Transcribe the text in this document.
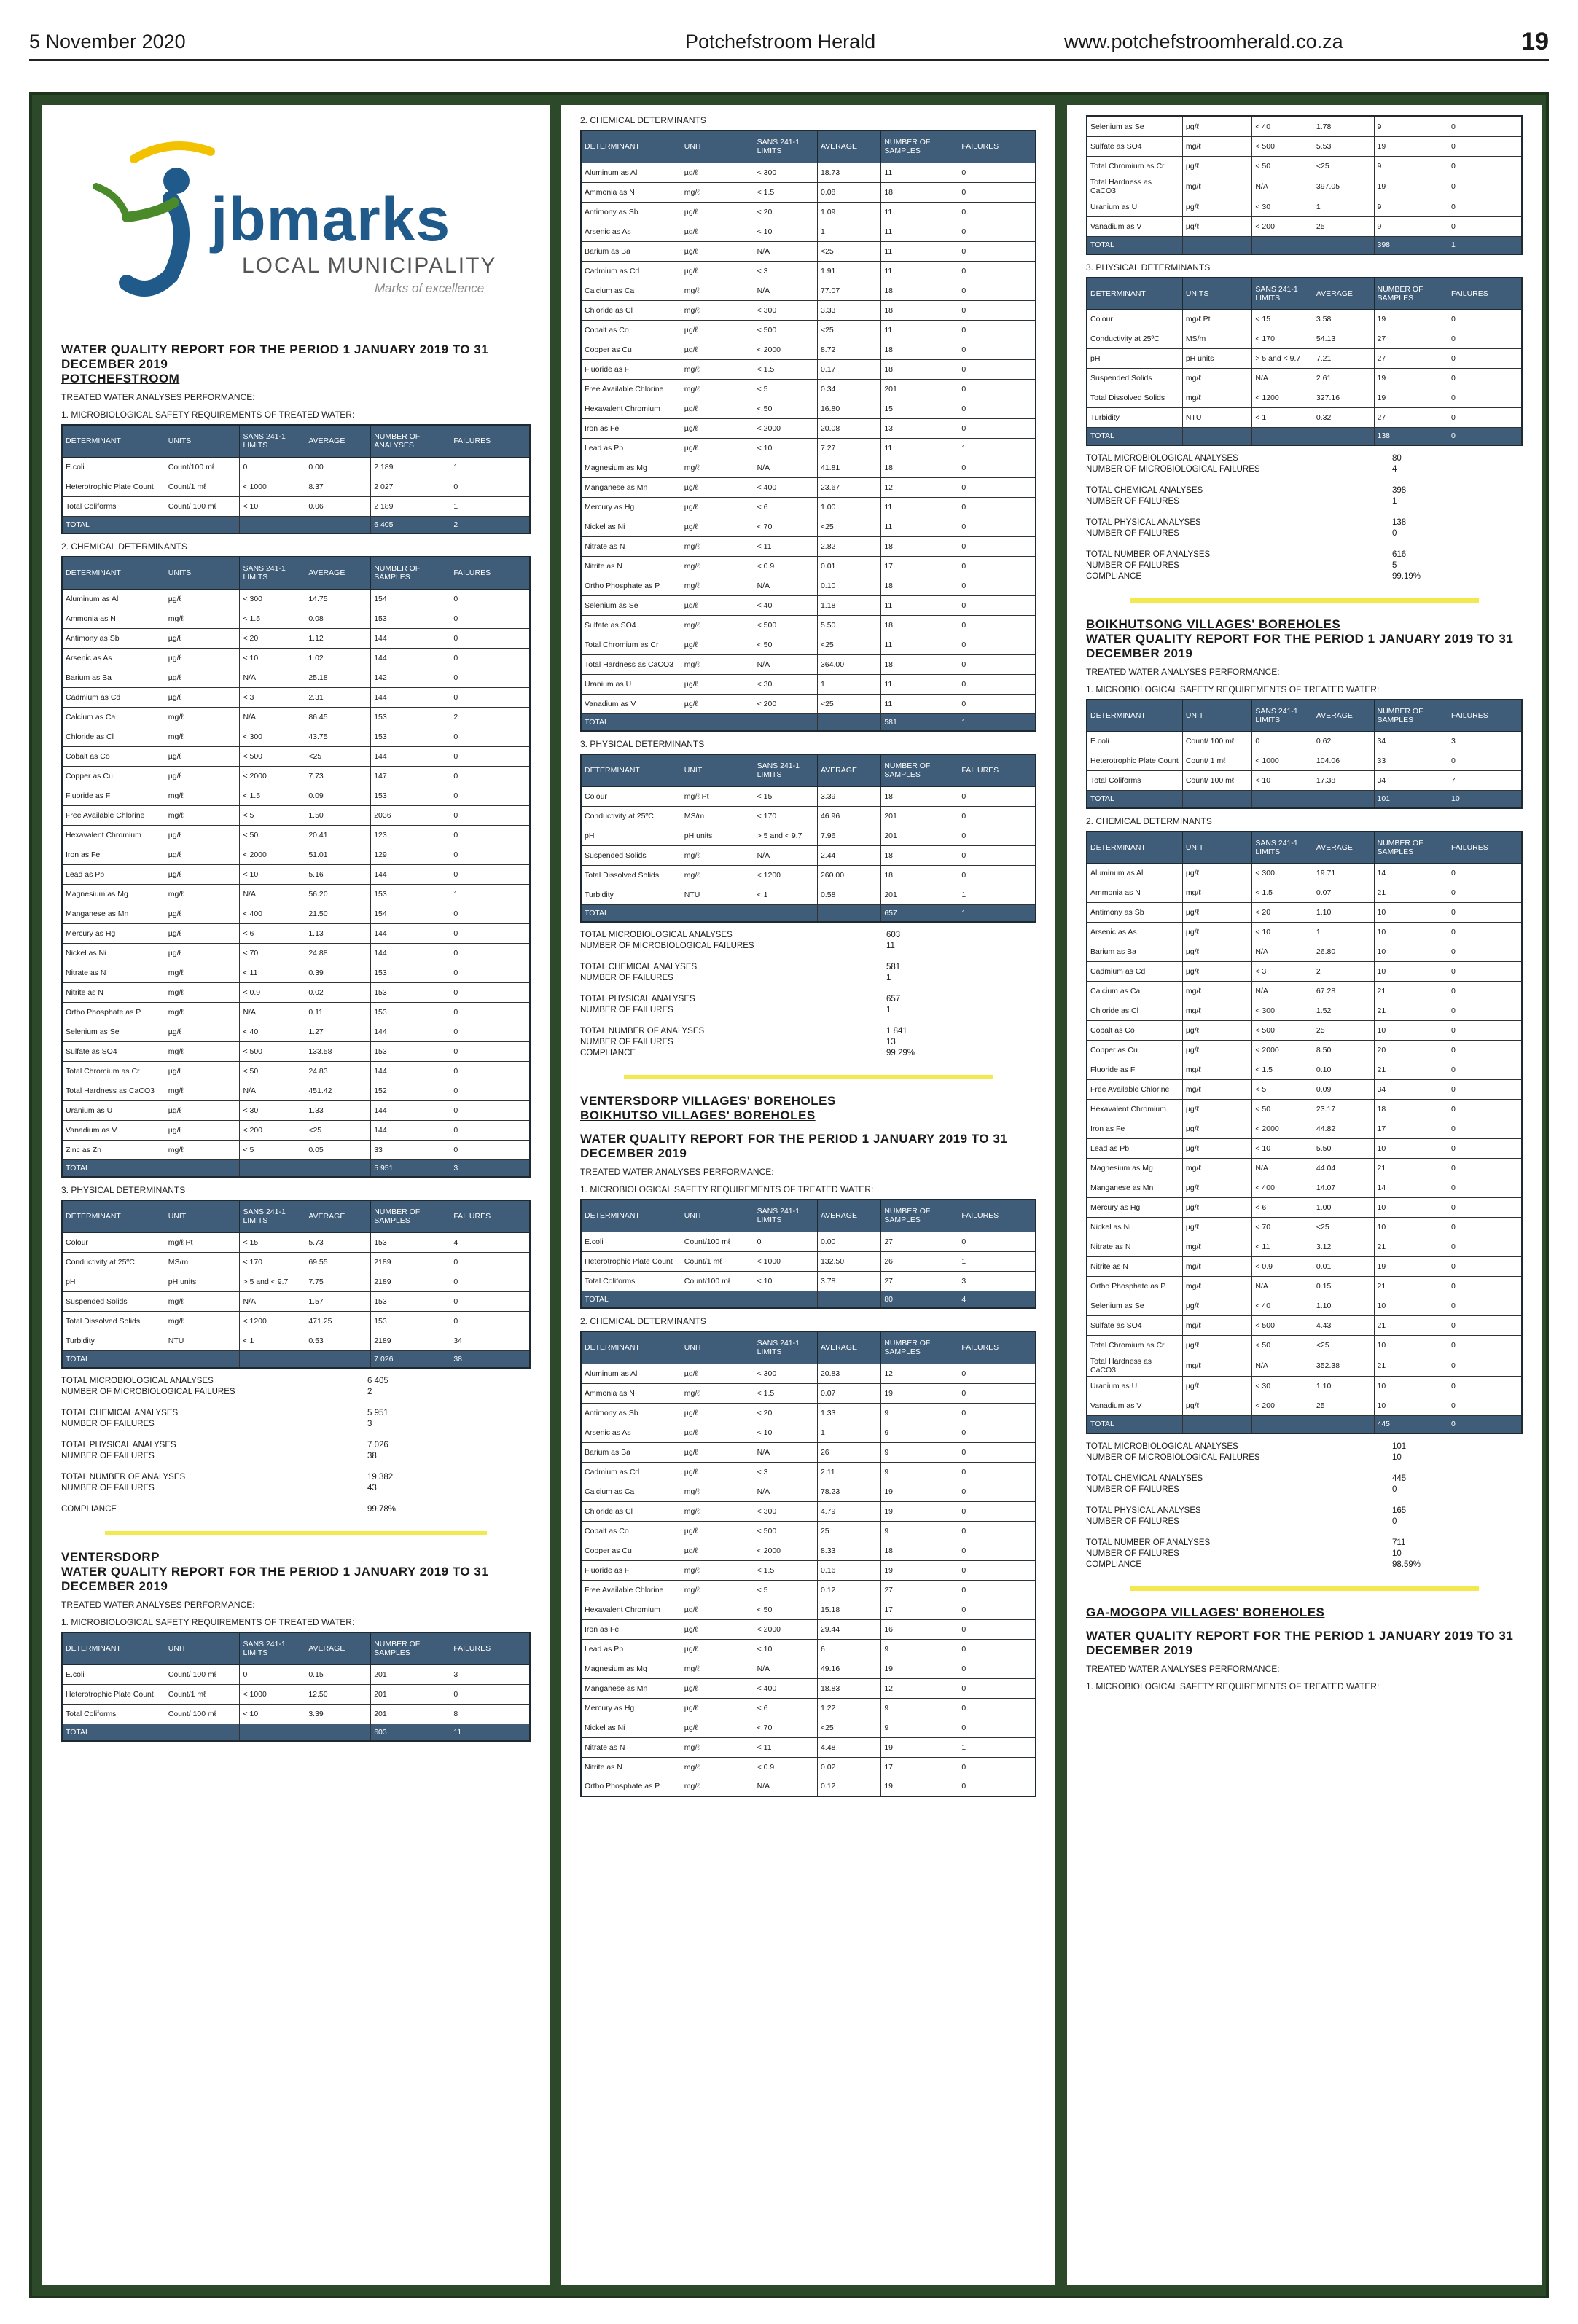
5 November 2020	Potchefstroom Herald	www.potchefstroomherald.co.za	19
jbmarks
LOCAL MUNICIPALITY
Marks of excellence
WATER QUALITY REPORT FOR THE PERIOD 1 JANUARY 2019 TO 31 DECEMBER 2019
POTCHEFSTROOM
TREATED WATER ANALYSES PERFORMANCE:
1. MICROBIOLOGICAL SAFETY REQUIREMENTS OF TREATED WATER:
DETERMINANT	UNITS	SANS 241-1 LIMITS	AVERAGE	NUMBER OF ANALYSES	FAILURES
E.coli	Count/100 mℓ	0	0.00	2 189	1
Heterotrophic Plate Count	Count/1 mℓ	< 1000	8.37	2 027	0
Total Coliforms	Count/ 100 mℓ	< 10	0.06	2 189	1
TOTAL				6 405	2
2. CHEMICAL DETERMINANTS
DETERMINANT	UNITS	SANS 241-1 LIMITS	AVERAGE	NUMBER OF SAMPLES	FAILURES
Aluminum as Al	µg/ℓ	< 300	14.75	154	0
Ammonia as N	mg/ℓ	< 1.5	0.08	153	0
Antimony as Sb	µg/ℓ	< 20	1.12	144	0
Arsenic as As	µg/ℓ	< 10	1.02	144	0
Barium as Ba	µg/ℓ	N/A	25.18	142	0
Cadmium as Cd	µg/ℓ	< 3	2.31	144	0
Calcium as Ca	mg/ℓ	N/A	86.45	153	2
Chloride as Cl	mg/ℓ	< 300	43.75	153	0
Cobalt as Co	µg/ℓ	< 500	<25	144	0
Copper as Cu	µg/ℓ	< 2000	7.73	147	0
Fluoride as F	mg/ℓ	< 1.5	0.09	153	0
Free Available Chlorine	mg/ℓ	< 5	1.50	2036	0
Hexavalent Chromium	µg/ℓ	< 50	20.41	123	0
Iron as Fe	µg/ℓ	< 2000	51.01	129	0
Lead as Pb	µg/ℓ	< 10	5.16	144	0
Magnesium as Mg	mg/ℓ	N/A	56.20	153	1
Manganese as Mn	µg/ℓ	< 400	21.50	154	0
Mercury as Hg	µg/ℓ	< 6	1.13	144	0
Nickel as Ni	µg/ℓ	< 70	24.88	144	0
Nitrate as N	mg/ℓ	< 11	0.39	153	0
Nitrite as N	mg/ℓ	< 0.9	0.02	153	0
Ortho Phosphate as P	mg/ℓ	N/A	0.11	153	0
Selenium as Se	µg/ℓ	< 40	1.27	144	0
Sulfate as SO4	mg/ℓ	< 500	133.58	153	0
Total Chromium as Cr	µg/ℓ	< 50	24.83	144	0
Total Hardness as CaCO3	mg/ℓ	N/A	451.42	152	0
Uranium as U	µg/ℓ	< 30	1.33	144	0
Vanadium as V	µg/ℓ	< 200	<25	144	0
Zinc as Zn	mg/ℓ	< 5	0.05	33	0
TOTAL				5 951	3
3. PHYSICAL DETERMINANTS
DETERMINANT	UNIT	SANS 241-1 LIMITS	AVERAGE	NUMBER OF SAMPLES	FAILURES
Colour	mg/ℓ Pt	< 15	5.73	153	4
Conductivity at 25ºC	MS/m	< 170	69.55	2189	0
pH	pH units	> 5 and < 9.7	7.75	2189	0
Suspended Solids	mg/ℓ	N/A	1.57	153	0
Total Dissolved Solids	mg/ℓ	< 1200	471.25	153	0
Turbidity	NTU	< 1	0.53	2189	34
TOTAL				7 026	38
TOTAL MICROBIOLOGICAL ANALYSES	6 405
NUMBER OF MICROBIOLOGICAL FAILURES	2
TOTAL CHEMICAL ANALYSES	5 951
NUMBER OF FAILURES	3
TOTAL PHYSICAL ANALYSES	7 026
NUMBER OF FAILURES	38
TOTAL NUMBER OF ANALYSES	19 382
NUMBER OF FAILURES	43
COMPLIANCE	99.78%
VENTERSDORP
WATER QUALITY REPORT FOR THE PERIOD 1 JANUARY 2019 TO 31 DECEMBER 2019
TREATED WATER ANALYSES PERFORMANCE:
1. MICROBIOLOGICAL SAFETY REQUIREMENTS OF TREATED WATER:
DETERMINANT	UNIT	SANS 241-1 LIMITS	AVERAGE	NUMBER OF SAMPLES	FAILURES
E.coli	Count/ 100 mℓ	0	0.15	201	3
Heterotrophic Plate Count	Count/1 mℓ	< 1000	12.50	201	0
Total Coliforms	Count/ 100 mℓ	< 10	3.39	201	8
TOTAL				603	11
2. CHEMICAL DETERMINANTS
DETERMINANT	UNIT	SANS 241-1 LIMITS	AVERAGE	NUMBER OF SAMPLES	FAILURES
Aluminum as Al	µg/ℓ	< 300	18.73	11	0
Ammonia as N	mg/ℓ	< 1.5	0.08	18	0
Antimony as Sb	µg/ℓ	< 20	1.09	11	0
Arsenic as As	µg/ℓ	< 10	1	11	0
Barium as Ba	µg/ℓ	N/A	<25	11	0
Cadmium as Cd	µg/ℓ	< 3	1.91	11	0
Calcium as Ca	mg/ℓ	N/A	77.07	18	0
Chloride as Cl	mg/ℓ	< 300	3.33	18	0
Cobalt as Co	µg/ℓ	< 500	<25	11	0
Copper as Cu	µg/ℓ	< 2000	8.72	18	0
Fluoride as F	mg/ℓ	< 1.5	0.17	18	0
Free Available Chlorine	mg/ℓ	< 5	0.34	201	0
Hexavalent Chromium	µg/ℓ	< 50	16.80	15	0
Iron as Fe	µg/ℓ	< 2000	20.08	13	0
Lead as Pb	µg/ℓ	< 10	7.27	11	1
Magnesium as Mg	mg/ℓ	N/A	41.81	18	0
Manganese as Mn	µg/ℓ	< 400	23.67	12	0
Mercury as Hg	µg/ℓ	< 6	1.00	11	0
Nickel as Ni	µg/ℓ	< 70	<25	11	0
Nitrate as N	mg/ℓ	< 11	2.82	18	0
Nitrite as N	mg/ℓ	< 0.9	0.01	17	0
Ortho Phosphate as P	mg/ℓ	N/A	0.10	18	0
Selenium as Se	µg/ℓ	< 40	1.18	11	0
Sulfate as SO4	mg/ℓ	< 500	5.50	18	0
Total Chromium as Cr	µg/ℓ	< 50	<25	11	0
Total Hardness as CaCO3	mg/ℓ	N/A	364.00	18	0
Uranium as U	µg/ℓ	< 30	1	11	0
Vanadium as V	µg/ℓ	< 200	<25	11	0
TOTAL				581	1
3. PHYSICAL DETERMINANTS
DETERMINANT	UNIT	SANS 241-1 LIMITS	AVERAGE	NUMBER OF SAMPLES	FAILURES
Colour	mg/ℓ Pt	< 15	3.39	18	0
Conductivity at 25ºC	MS/m	< 170	46.96	201	0
pH	pH units	> 5 and < 9.7	7.96	201	0
Suspended Solids	mg/ℓ	N/A	2.44	18	0
Total Dissolved Solids	mg/ℓ	< 1200	260.00	18	0
Turbidity	NTU	< 1	0.58	201	1
TOTAL				657	1
TOTAL MICROBIOLOGICAL ANALYSES	603
NUMBER OF MICROBIOLOGICAL FAILURES	11
TOTAL CHEMICAL ANALYSES	581
NUMBER OF FAILURES	1
TOTAL PHYSICAL ANALYSES	657
NUMBER OF FAILURES	1
TOTAL NUMBER OF ANALYSES	1 841
NUMBER OF FAILURES	13
COMPLIANCE	99.29%
VENTERSDORP VILLAGES' BOREHOLES
BOIKHUTSO VILLAGES' BOREHOLES
WATER QUALITY REPORT FOR THE PERIOD 1 JANUARY 2019 TO 31 DECEMBER 2019
TREATED WATER ANALYSES PERFORMANCE:
1. MICROBIOLOGICAL SAFETY REQUIREMENTS OF TREATED WATER:
DETERMINANT	UNIT	SANS 241-1 LIMITS	AVERAGE	NUMBER OF SAMPLES	FAILURES
E.coli	Count/100 mℓ	0	0.00	27	0
Heterotrophic Plate Count	Count/1 mℓ	< 1000	132.50	26	1
Total Coliforms	Count/100 mℓ	< 10	3.78	27	3
TOTAL				80	4
2. CHEMICAL DETERMINANTS
DETERMINANT	UNIT	SANS 241-1 LIMITS	AVERAGE	NUMBER OF SAMPLES	FAILURES
Aluminum as Al	µg/ℓ	< 300	20.83	12	0
Ammonia as N	mg/ℓ	< 1.5	0.07	19	0
Antimony as Sb	µg/ℓ	< 20	1.33	9	0
Arsenic as As	µg/ℓ	< 10	1	9	0
Barium as Ba	µg/ℓ	N/A	26	9	0
Cadmium as Cd	µg/ℓ	< 3	2.11	9	0
Calcium as Ca	mg/ℓ	N/A	78.23	19	0
Chloride as Cl	mg/ℓ	< 300	4.79	19	0
Cobalt as Co	µg/ℓ	< 500	25	9	0
Copper as Cu	µg/ℓ	< 2000	8.33	18	0
Fluoride as F	mg/ℓ	< 1.5	0.16	19	0
Free Available Chlorine	mg/ℓ	< 5	0.12	27	0
Hexavalent Chromium	µg/ℓ	< 50	15.18	17	0
Iron as Fe	µg/ℓ	< 2000	29.44	16	0
Lead as Pb	µg/ℓ	< 10	6	9	0
Magnesium as Mg	mg/ℓ	N/A	49.16	19	0
Manganese as Mn	µg/ℓ	< 400	18.83	12	0
Mercury as Hg	µg/ℓ	< 6	1.22	9	0
Nickel as Ni	µg/ℓ	< 70	<25	9	0
Nitrate as N	mg/ℓ	< 11	4.48	19	1
Nitrite as N	mg/ℓ	< 0.9	0.02	17	0
Ortho Phosphate as P	mg/ℓ	N/A	0.12	19	0

Selenium as Se	µg/ℓ	< 40	1.78	9	0
Sulfate as SO4	mg/ℓ	< 500	5.53	19	0
Total Chromium as Cr	µg/ℓ	< 50	<25	9	0
Total Hardness as CaCO3	mg/ℓ	N/A	397.05	19	0
Uranium as U	µg/ℓ	< 30	1	9	0
Vanadium as V	µg/ℓ	< 200	25	9	0
TOTAL				398	1
3. PHYSICAL DETERMINANTS
DETERMINANT	UNITS	SANS 241-1 LIMITS	AVERAGE	NUMBER OF SAMPLES	FAILURES
Colour	mg/ℓ Pt	< 15	3.58	19	0
Conductivity at 25ºC	MS/m	< 170	54.13	27	0
pH	pH units	> 5 and < 9.7	7.21	27	0
Suspended Solids	mg/ℓ	N/A	2.61	19	0
Total Dissolved Solids	mg/ℓ	< 1200	327.16	19	0
Turbidity	NTU	< 1	0.32	27	0
TOTAL				138	0
TOTAL MICROBIOLOGICAL ANALYSES	80
NUMBER OF MICROBIOLOGICAL FAILURES	4
TOTAL CHEMICAL ANALYSES	398
NUMBER OF FAILURES	1
TOTAL PHYSICAL ANALYSES	138
NUMBER OF FAILURES	0
TOTAL NUMBER OF ANALYSES	616
NUMBER OF FAILURES	5
COMPLIANCE	99.19%
BOIKHUTSONG VILLAGES' BOREHOLES
WATER QUALITY REPORT FOR THE PERIOD 1 JANUARY 2019 TO 31 DECEMBER 2019
TREATED WATER ANALYSES PERFORMANCE:
1. MICROBIOLOGICAL SAFETY REQUIREMENTS OF TREATED WATER:
DETERMINANT	UNIT	SANS 241-1 LIMITS	AVERAGE	NUMBER OF SAMPLES	FAILURES
E.coli	Count/ 100 mℓ	0	0.62	34	3
Heterotrophic Plate Count	Count/ 1 mℓ	< 1000	104.06	33	0
Total Coliforms	Count/ 100 mℓ	< 10	17.38	34	7
TOTAL				101	10
2. CHEMICAL DETERMINANTS
DETERMINANT	UNIT	SANS 241-1 LIMITS	AVERAGE	NUMBER OF SAMPLES	FAILURES
Aluminum as Al	µg/ℓ	< 300	19.71	14	0
Ammonia as N	mg/ℓ	< 1.5	0.07	21	0
Antimony as Sb	µg/ℓ	< 20	1.10	10	0
Arsenic as As	µg/ℓ	< 10	1	10	0
Barium as Ba	µg/ℓ	N/A	26.80	10	0
Cadmium as Cd	µg/ℓ	< 3	2	10	0
Calcium as Ca	mg/ℓ	N/A	67.28	21	0
Chloride as Cl	mg/ℓ	< 300	1.52	21	0
Cobalt as Co	µg/ℓ	< 500	25	10	0
Copper as Cu	µg/ℓ	< 2000	8.50	20	0
Fluoride as F	mg/ℓ	< 1.5	0.10	21	0
Free Available Chlorine	mg/ℓ	< 5	0.09	34	0
Hexavalent Chromium	µg/ℓ	< 50	23.17	18	0
Iron as Fe	µg/ℓ	< 2000	44.82	17	0
Lead as Pb	µg/ℓ	< 10	5.50	10	0
Magnesium as Mg	mg/ℓ	N/A	44.04	21	0
Manganese as Mn	µg/ℓ	< 400	14.07	14	0
Mercury as Hg	µg/ℓ	< 6	1.00	10	0
Nickel as Ni	µg/ℓ	< 70	<25	10	0
Nitrate as N	mg/ℓ	< 11	3.12	21	0
Nitrite as N	mg/ℓ	< 0.9	0.01	19	0
Ortho Phosphate as P	mg/ℓ	N/A	0.15	21	0
Selenium as Se	µg/ℓ	< 40	1.10	10	0
Sulfate as SO4	mg/ℓ	< 500	4.43	21	0
Total Chromium as Cr	µg/ℓ	< 50	<25	10	0
Total Hardness as CaCO3	mg/ℓ	N/A	352.38	21	0
Uranium as U	µg/ℓ	< 30	1.10	10	0
Vanadium as V	µg/ℓ	< 200	25	10	0
TOTAL				445	0
TOTAL MICROBIOLOGICAL ANALYSES	101
NUMBER OF MICROBIOLOGICAL FAILURES	10
TOTAL CHEMICAL ANALYSES	445
NUMBER OF FAILURES	0
TOTAL PHYSICAL ANALYSES	165
NUMBER OF FAILURES	0
TOTAL NUMBER OF ANALYSES	711
NUMBER OF FAILURES	10
COMPLIANCE	98.59%
GA-MOGOPA VILLAGES' BOREHOLES
WATER QUALITY REPORT FOR THE PERIOD 1 JANUARY 2019 TO 31 DECEMBER 2019
TREATED WATER ANALYSES PERFORMANCE:
1. MICROBIOLOGICAL SAFETY REQUIREMENTS OF TREATED WATER:
